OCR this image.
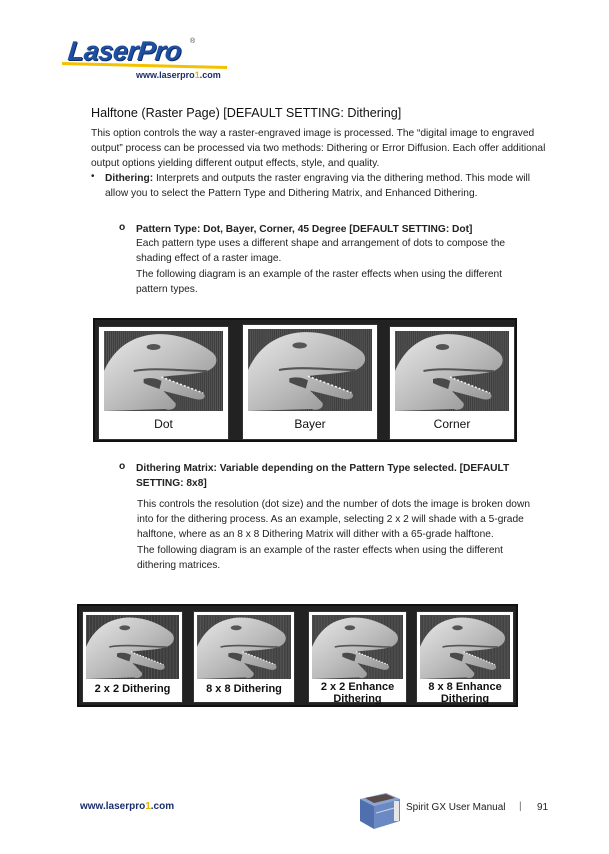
LaserPro ®
www.laserpro1.com
Halftone (Raster Page) [DEFAULT SETTING: Dithering]

This option controls the way a raster-engraved image is processed. The “digital image to engraved output” process can be processed via two methods: Dithering or Error Diffusion. Each offer additional output options yielding different output effects, style, and quality.

• Dithering: Interprets and outputs the raster engraving via the dithering method. This mode will allow you to select the Pattern Type and Dithering Matrix, and Enhanced Dithering.

o Pattern Type: Dot, Bayer, Corner, 45 Degree [DEFAULT SETTING: Dot]

Each pattern type uses a different shape and arrangement of dots to compose the shading effect of a raster image.

The following diagram is an example of the raster effects when using the different pattern types.

Dot	Bayer	Corner
o Dithering Matrix: Variable depending on the Pattern Type selected. [DEFAULT SETTING: 8x8]

This controls the resolution (dot size) and the number of dots the image is broken down into for the dithering process. As an example, selecting 2 x 2 will shade with a 5-grade halftone, where as an 8 x 8 Dithering Matrix will dither with a 65-grade halftone.

The following diagram is an example of the raster effects when using the different dithering matrices.

2 x 2 Dithering	8 x 8 Dithering	2 x 2 Enhance
Dithering
8 x 8 Enhance
Dithering
www.laserpro1.com	Spirit GX User Manual | 91
